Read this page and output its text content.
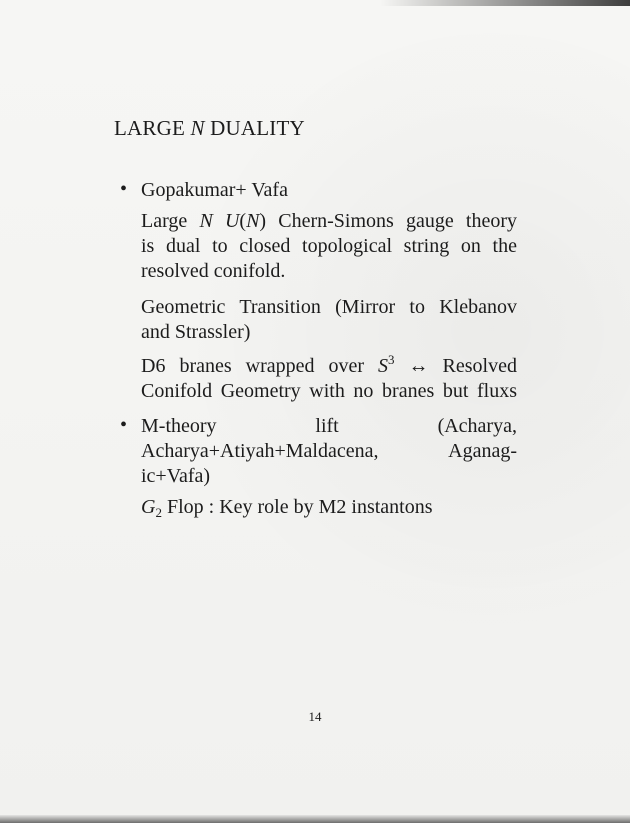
LARGE N DUALITY
• Gopakumar+ Vafa
Large N U(N) Chern-Simons gauge theory
is dual to closed topological string on the
resolved conifold.
Geometric Transition (Mirror to Klebanov
and Strassler)
D6 branes wrapped over $S^3$ ↔ Resolved
Conifold Geometry with no branes but fluxs
• M-theory	lift	(Acharya,
Acharya+Atiyah+Maldacena,	Aganag-
ic+Vafa)
$G_2$ Flop : Key role by M2 instantons
14
